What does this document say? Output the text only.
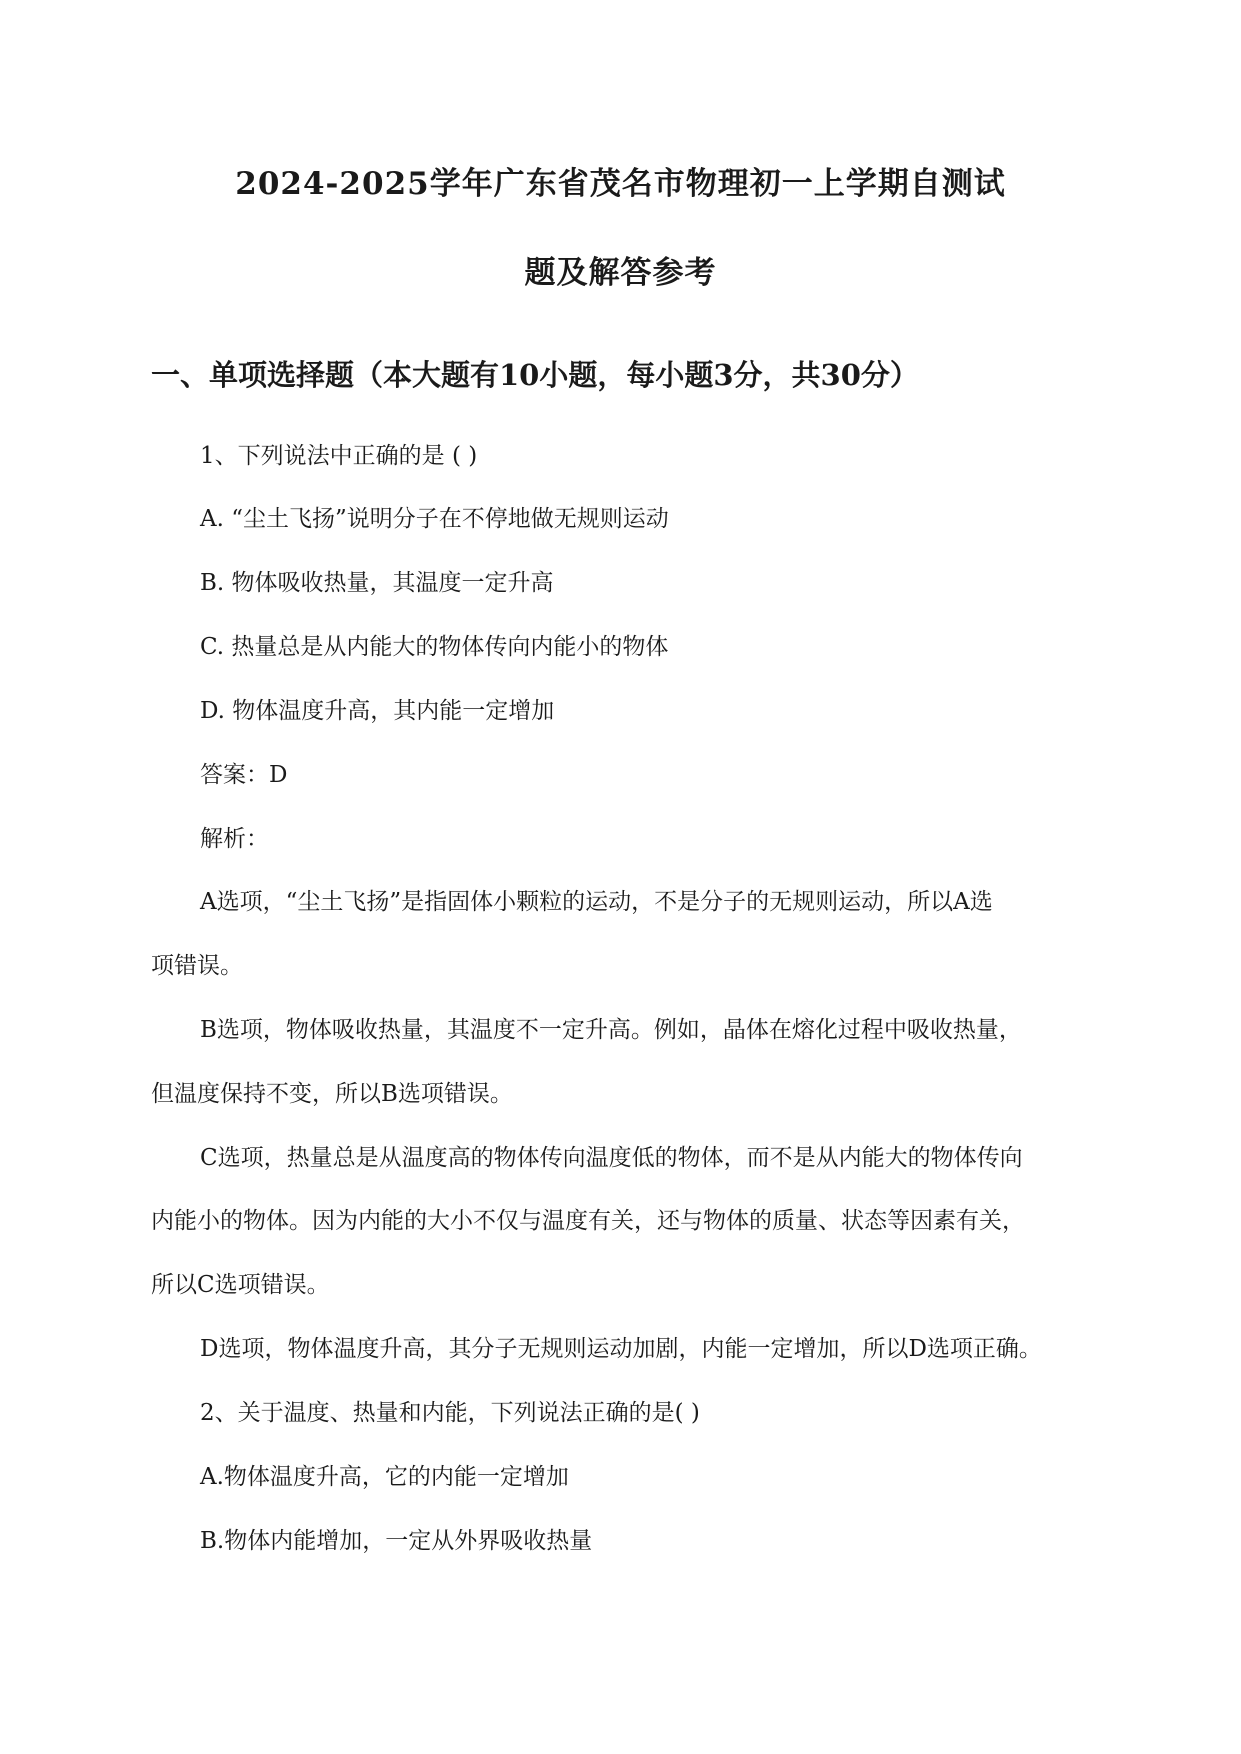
2024-2025学年广东省茂名市物理初一上学期自测试
题及解答参考
一、单项选择题（本大题有10小题，每小题3分，共30分）
1、下列说法中正确的是 ( )
A. “尘土飞扬”说明分子在不停地做无规则运动
B. 物体吸收热量，其温度一定升高
C. 热量总是从内能大的物体传向内能小的物体
D. 物体温度升高，其内能一定增加
答案：D
解析：
A选项，“尘土飞扬”是指固体小颗粒的运动，不是分子的无规则运动，所以A选
项错误。
B选项，物体吸收热量，其温度不一定升高。例如，晶体在熔化过程中吸收热量，
但温度保持不变，所以B选项错误。
C选项，热量总是从温度高的物体传向温度低的物体，而不是从内能大的物体传向
内能小的物体。因为内能的大小不仅与温度有关，还与物体的质量、状态等因素有关，
所以C选项错误。
D选项，物体温度升高，其分子无规则运动加剧，内能一定增加，所以D选项正确。
2、关于温度、热量和内能，下列说法正确的是( )
A.物体温度升高，它的内能一定增加
B.物体内能增加，一定从外界吸收热量
